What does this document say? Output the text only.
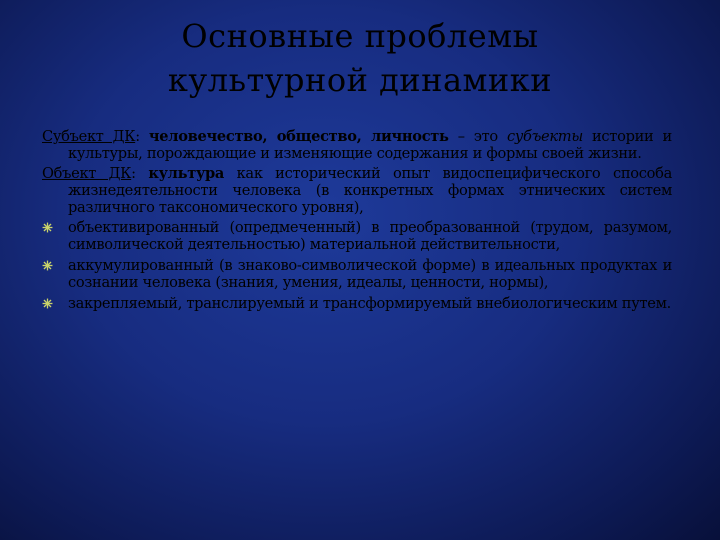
Основные проблемы
культурной динамики

Субъект ДК: человечество, общество, личность – это субъекты истории и культуры, порождающие и изменяющие содержания и формы своей жизни.

Объект ДК: культура как исторический опыт видоспецифического способа жизнедеятельности человека (в конкретных формах этнических систем различного таксономического уровня),

объективированный (опредмеченный) в преобразованной (трудом, разумом, символической деятельностью) материальной действительности,
аккумулированный (в знаково-символической форме) в идеальных продуктах и сознании человека (знания, умения, идеалы, ценности, нормы),
закрепляемый, транслируемый и трансформируемый внебиологическим путем.
